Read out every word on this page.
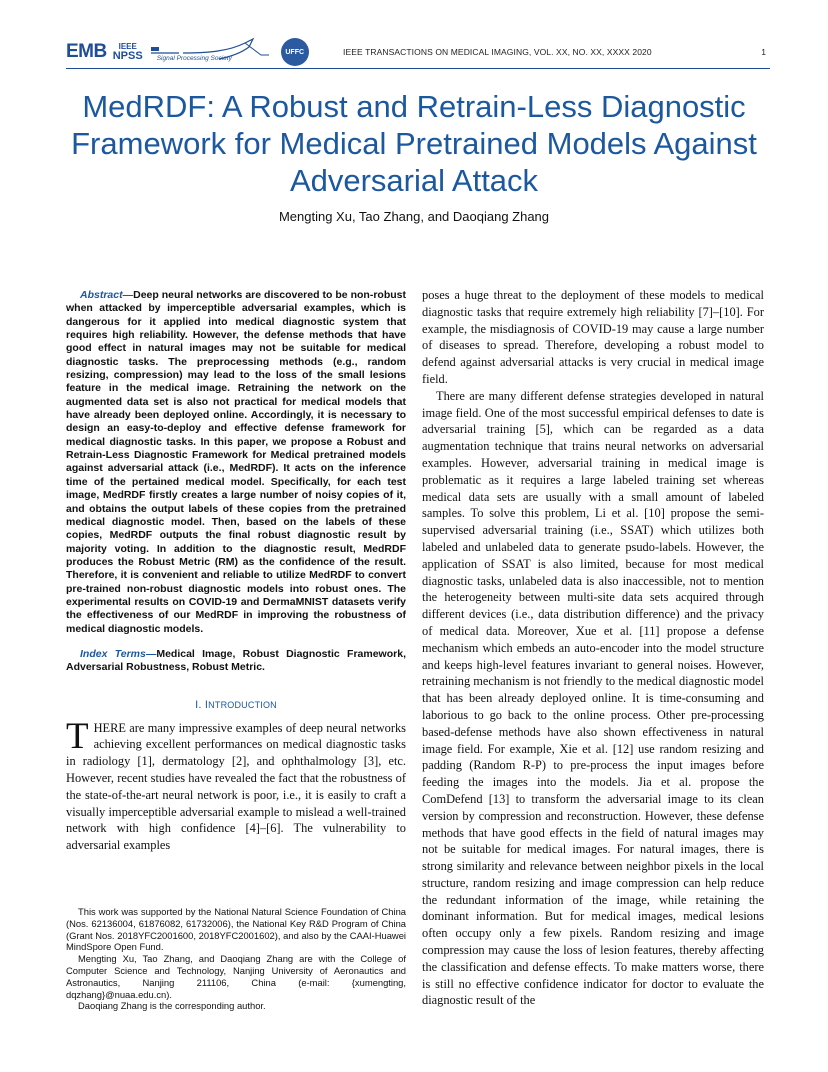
EMB IEEE
NPSS Signal Processing Society
UFFC	IEEE TRANSACTIONS ON MEDICAL IMAGING, VOL. XX, NO. XX, XXXX 2020	1
MedRDF: A Robust and Retrain-Less Diagnostic Framework for Medical Pretrained Models Against Adversarial Attack
Mengting Xu, Tao Zhang, and Daoqiang Zhang

Abstract—Deep neural networks are discovered to be non-robust when attacked by imperceptible adversarial examples, which is dangerous for it applied into medical diagnostic system that requires high reliability. However, the defense methods that have good effect in natural images may not be suitable for medical diagnostic tasks. The preprocessing methods (e.g., random resizing, compression) may lead to the loss of the small lesions feature in the medical image. Retraining the network on the augmented data set is also not practical for medical models that have already been deployed online. Accordingly, it is necessary to design an easy-to-deploy and effective defense framework for medical diagnostic tasks. In this paper, we propose a Robust and Retrain-Less Diagnostic Framework for Medical pretrained models against adversarial attack (i.e., MedRDF). It acts on the inference time of the pertained medical model. Specifically, for each test image, MedRDF firstly creates a large number of noisy copies of it, and obtains the output labels of these copies from the pretrained medical diagnostic model. Then, based on the labels of these copies, MedRDF outputs the final robust diagnostic result by majority voting. In addition to the diagnostic result, MedRDF produces the Robust Metric (RM) as the confidence of the result. Therefore, it is convenient and reliable to utilize MedRDF to convert pre-trained non-robust diagnostic models into robust ones. The experimental results on COVID-19 and DermaMNIST datasets verify the effectiveness of our MedRDF in improving the robustness of medical diagnostic models.

Index Terms—Medical Image, Robust Diagnostic Framework, Adversarial Robustness, Robust Metric.

I. INTRODUCTION

THERE are many impressive examples of deep neural networks achieving excellent performances on medical diagnostic tasks in radiology [1], dermatology [2], and ophthalmology [3], etc. However, recent studies have revealed the fact that the robustness of the state-of-the-art neural network is poor, i.e., it is easily to craft a visually imperceptible adversarial example to mislead a well-trained network with high confidence [4]–[6]. The vulnerability to adversarial examples

This work was supported by the National Natural Science Foundation of China (Nos. 62136004, 61876082, 61732006), the National Key R&D Program of China (Grant Nos. 2018YFC2001600, 2018YFC2001602), and also by the CAAI-Huawei MindSpore Open Fund.

Mengting Xu, Tao Zhang, and Daoqiang Zhang are with the College of Computer Science and Technology, Nanjing University of Aeronautics and Astronautics, Nanjing 211106, China (e-mail: {xumengting, dqzhang}@nuaa.edu.cn).

Daoqiang Zhang is the corresponding author.

poses a huge threat to the deployment of these models to medical diagnostic tasks that require extremely high reliability [7]–[10]. For example, the misdiagnosis of COVID-19 may cause a large number of diseases to spread. Therefore, developing a robust model to defend against adversarial attacks is very crucial in medical image field.

There are many different defense strategies developed in natural image field. One of the most successful empirical defenses to date is adversarial training [5], which can be regarded as a data augmentation technique that trains neural networks on adversarial examples. However, adversarial training in medical image is problematic as it requires a large labeled training set whereas medical data sets are usually with a small amount of labeled samples. To solve this problem, Li et al. [10] propose the semi-supervised adversarial training (i.e., SSAT) which utilizes both labeled and unlabeled data to generate psudo-labels. However, the application of SSAT is also limited, because for most medical diagnostic tasks, unlabeled data is also inaccessible, not to mention the heterogeneity between multi-site data sets acquired through different devices (i.e., data distribution difference) and the privacy of medical data. Moreover, Xue et al. [11] propose a defense mechanism which embeds an auto-encoder into the model structure and keeps high-level features invariant to general noises. However, retraining mechanism is not friendly to the medical diagnostic model that has been already deployed online. It is time-consuming and laborious to go back to the online process. Other pre-processing based-defense methods have also shown effectiveness in natural image field. For example, Xie et al. [12] use random resizing and padding (Random R-P) to pre-process the input images before feeding the images into the models. Jia et al. propose the ComDefend [13] to transform the adversarial image to its clean version by compression and reconstruction. However, these defense methods that have good effects in the field of natural images may not be suitable for medical images. For natural images, there is strong similarity and relevance between neighbor pixels in the local structure, random resizing and image compression can help reduce the redundant information of the image, while retaining the dominant information. But for medical images, medical lesions often occupy only a few pixels. Random resizing and image compression may cause the loss of lesion features, thereby affecting the classification and defense effects. To make matters worse, there is still no effective confidence indicator for doctor to evaluate the diagnostic result of the
